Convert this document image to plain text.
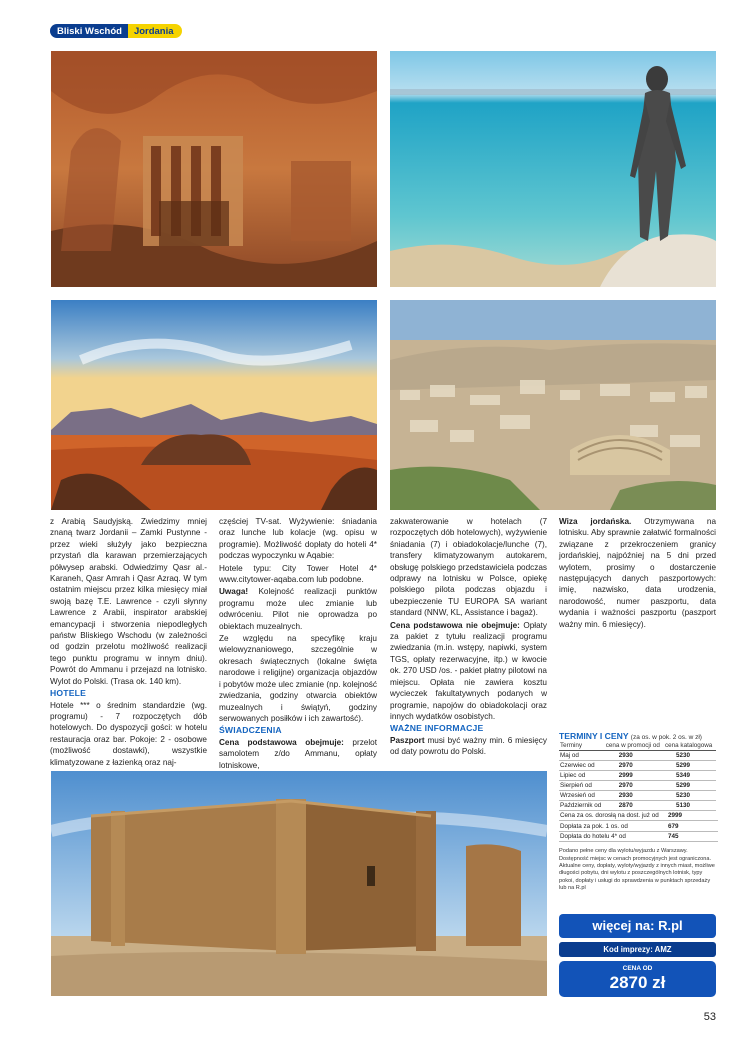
Bliski Wschód	Jordania

z Arabią Saudyjską. Zwiedzimy mniej znaną twarz Jordanii – Zamki Pustynne - przez wieki służyły jako bezpieczna przystań dla karawan przemierzających półwysep arabski. Odwiedzimy Qasr al.-Karaneh, Qasr Amrah i Qasr Azraq. W tym ostatnim miejscu przez kilka miesięcy miał swoją bazę T.E. Lawrence - czyli słynny Lawrence z Arabii, inspirator arabskiej emancypacji i stworzenia niepodległych państw Bliskiego Wschodu (w zależności od godzin przelotu możliwość realizacji tego punktu programu w innym dniu). Powrót do Ammanu i przejazd na lotnisko. Wylot do Polski. (Trasa ok. 140 km).

HOTELE

Hotele *** o średnim standardzie (wg. programu) - 7 rozpoczętych dób hotelowych. Do dyspozycji gości: w hotelu restauracja oraz bar. Pokoje: 2 - osobowe (możliwość dostawki), wszystkie klimatyzowane z łazienką oraz naj-

częściej TV-sat. Wyżywienie: śniadania oraz lunche lub kolacje (wg. opisu w programie). Możliwość dopłaty do hoteli 4* podczas wypoczynku w Aqabie:

Hotele typu: City Tower Hotel 4* www.citytower-aqaba.com lub podobne.

Uwaga! Kolejność realizacji punktów programu może ulec zmianie lub odwróceniu. Pilot nie oprowadza po obiektach muzealnych.

Ze względu na specyfikę kraju wielowyznaniowego, szczególnie w okresach świątecznych (lokalne święta narodowe i religijne) organizacja objazdów i pobytów może ulec zmianie (np. kolejność zwiedzania, godziny otwarcia obiektów muzealnych i świątyń, godziny serwowanych posiłków i ich zawartość).

ŚWIADCZENIA

Cena podstawowa obejmuje: przelot samolotem z/do Ammanu, opłaty lotniskowe,

zakwaterowanie w hotelach (7 rozpoczętych dób hotelowych), wyżywienie śniadania (7) i obiadokolacje/lunche (7), transfery klimatyzowanym autokarem, obsługę polskiego przedstawiciela podczas odprawy na lotnisku w Polsce, opiekę polskiego pilota podczas objazdu i ubezpieczenie TU EUROPA SA wariant standard (NNW, KL, Assistance i bagaż).

Cena podstawowa nie obejmuje: Opłaty za pakiet z tytułu realizacji programu zwiedzania (m.in. wstępy, napiwki, system TGS, opłaty rezerwacyjne, itp.) w kwocie ok. 270 USD /os. - pakiet płatny pilotowi na miejscu. Opłata nie zawiera kosztu wycieczek fakultatywnych podanych w programie, napojów do obiadokolacji oraz innych wydatków osobistych.

WAŻNE INFORMACJE

Paszport musi być ważny min. 6 miesięcy od daty powrotu do Polski.

Wiza jordańska. Otrzymywana na lotnisku. Aby sprawnie załatwić formalności związane z przekroczeniem granicy jordańskiej, najpóźniej na 5 dni przed wylotem, prosimy o dostarczenie następujących danych paszportowych: imię, nazwisko, data urodzenia, narodowość, numer paszportu, data wydania i ważności paszportu (paszport ważny min. 6 miesięcy).

TERMINY I CENY (za os. w pok. 2 os. w zł)
Terminy	cena w promocji od	cena katalogowa
Maj od	2930	5230
Czerwiec od	2970	5299
Lipiec od	2999	5349
Sierpień od	2970	5299
Wrzesień od	2930	5230
Październik od	2870	5130
Cena za os. dorosłą na dost. już od	2999
Dopłata za pok. 1 os. od	679
Dopłata do hotelu 4* od	745
Podano pełne ceny dla wylotu/wyjazdu z Warszawy. Dostępność miejsc w cenach promocyjnych jest ograniczona. Aktualne ceny, dopłaty, wyloty/wyjazdy z innych miast, możliwe długości pobytu, dni wylotu z poszczególnych lotnisk, typy pokoi, dopłaty i usługi do sprawdzenia w punktach sprzedaży lub na R.pl
więcej na: R.pl
Kod imprezy: AMZ
CENA OD
2870 zł
53
